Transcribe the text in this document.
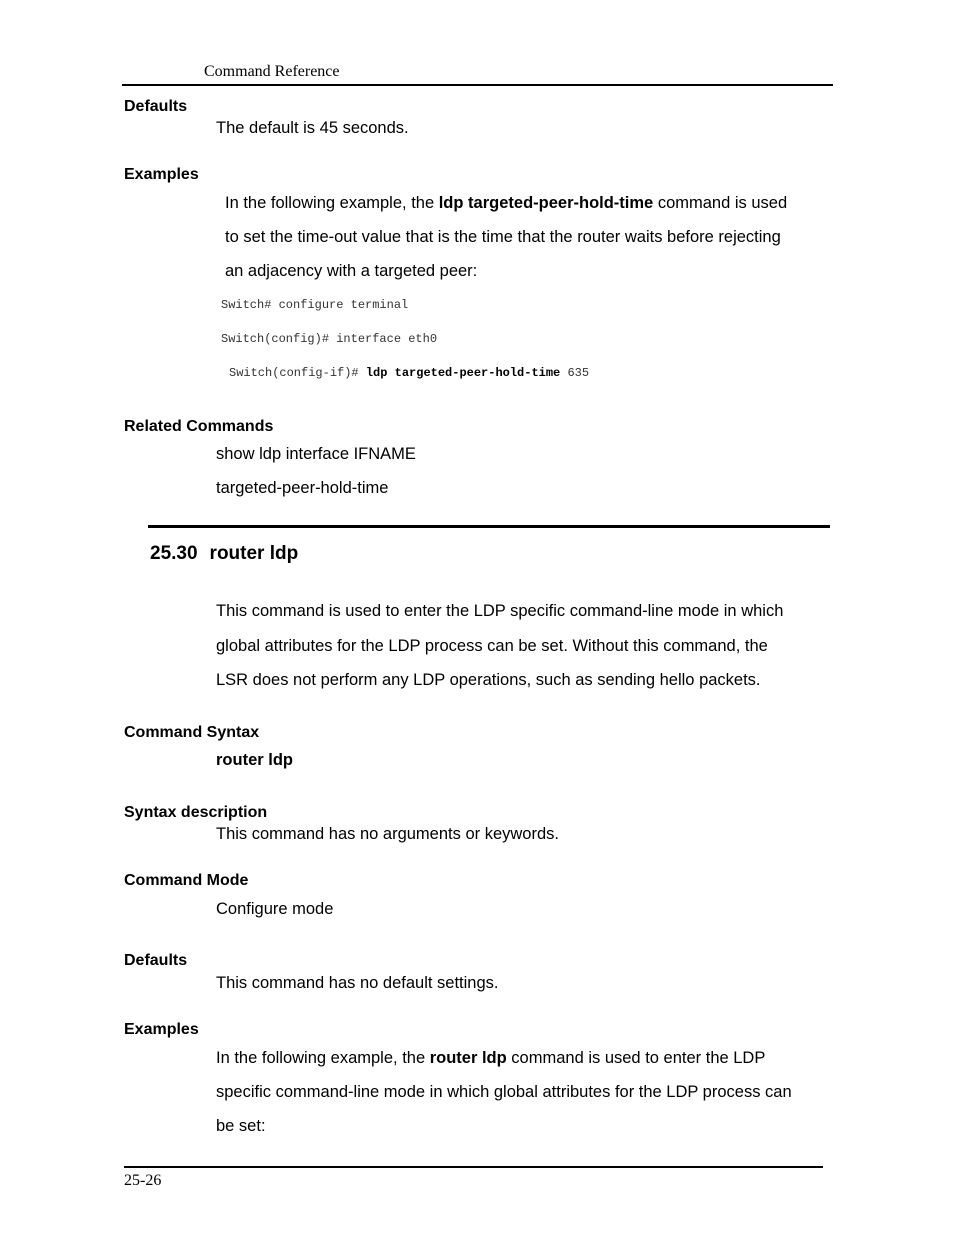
Command Reference
Defaults
The default is 45 seconds.
Examples
In the following example, the ldp targeted-peer-hold-time command is used
to set the time-out value that is the time that the router waits before rejecting
an adjacency with a targeted peer:
Switch# configure terminal
Switch(config)# interface eth0
Switch(config-if)# ldp targeted-peer-hold-time 635
Related Commands
show ldp interface IFNAME
targeted-peer-hold-time
25.30 router ldp
This command is used to enter the LDP specific command-line mode in which
global attributes for the LDP process can be set. Without this command, the
LSR does not perform any LDP operations, such as sending hello packets.
Command Syntax
router ldp
Syntax description
This command has no arguments or keywords.
Command Mode
Configure mode
Defaults
This command has no default settings.
Examples
In the following example, the router ldp command is used to enter the LDP
specific command-line mode in which global attributes for the LDP process can
be set:
25-26
